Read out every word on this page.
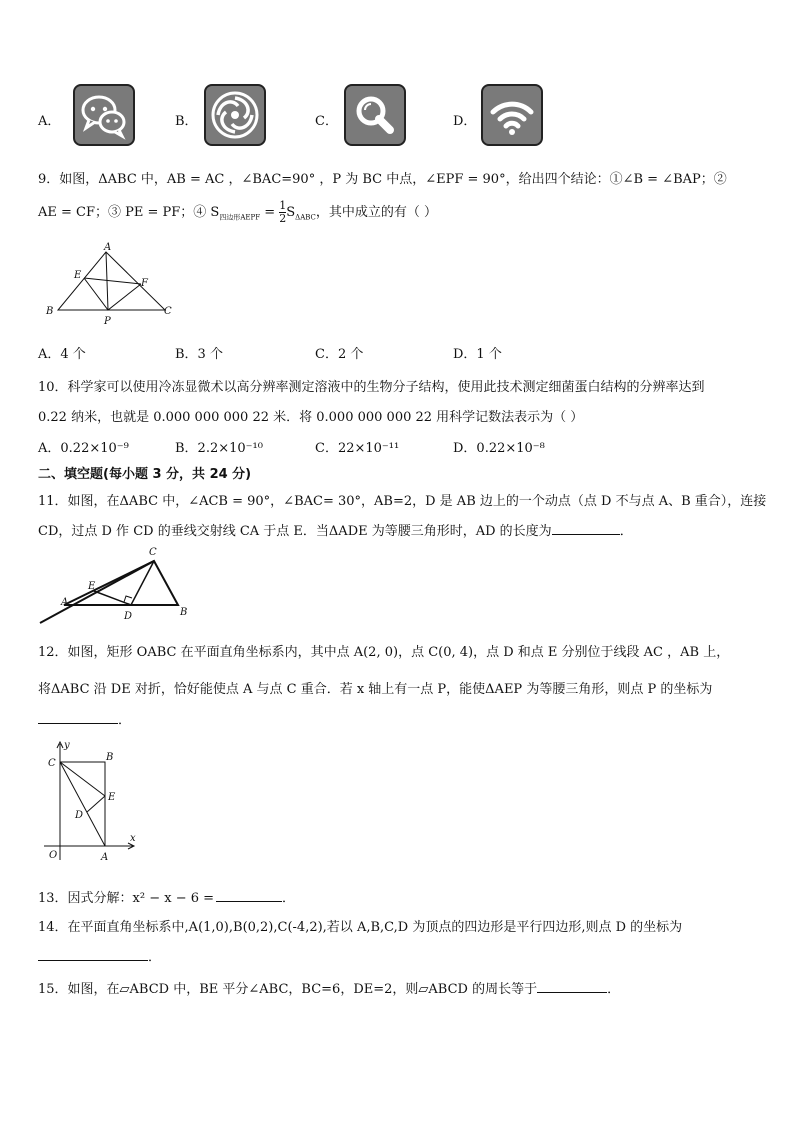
A．	B．	C．	D．
9．如图，ΔABC 中，AB = AC ，∠BAC=90° ，P 为 BC 中点，∠EPF = 90°，给出四个结论：①∠B = ∠BAP；②
AE = CF；③ PE = PF；④ $S_{四边形AEPF} = \frac{1}{2} S_{\Delta ABC}$，其中成立的有（ ）
A
E
F
B
P
C
A．4 个	B．3 个	C．2 个	D．1 个
10．科学家可以使用冷冻显微术以高分辨率测定溶液中的生物分子结构，使用此技术测定细菌蛋白结构的分辨率达到
0.22 纳米，也就是 0.000 000 000 22 米．将 0.000 000 000 22 用科学记数法表示为（ ）
A．0.22×10⁻⁹	B．2.2×10⁻¹⁰	C．22×10⁻¹¹	D．0.22×10⁻⁸
二、填空题(每小题 3 分，共 24 分)
11．如图，在ΔABC 中，∠ACB = 90°，∠BAC= 30°，AB=2，D 是 AB 边上的一个动点（点 D 不与点 A、B 重合），连接
CD，过点 D 作 CD 的垂线交射线 CA 于点 E．当ΔADE 为等腰三角形时，AD 的长度为	．
C
E
A
D	B
12．如图，矩形 OABC 在平面直角坐标系内，其中点 A(2, 0)，点 C(0, 4)，点 D 和点 E 分别位于线段 AC ，AB 上，
将ΔABC 沿 DE 对折，恰好能使点 A 与点 C 重合．若 x 轴上有一点 P，能使ΔAEP 为等腰三角形，则点 P 的坐标为
．
y
C
B
E
D
x
O	A
13．因式分解：x² − x − 6 =	．
14．在平面直角坐标系中,A(1,0),B(0,2),C(-4,2),若以 A,B,C,D 为顶点的四边形是平行四边形,则点 D 的坐标为
．
15．如图，在▱ABCD 中，BE 平分∠ABC，BC=6，DE=2，则▱ABCD 的周长等于	．
